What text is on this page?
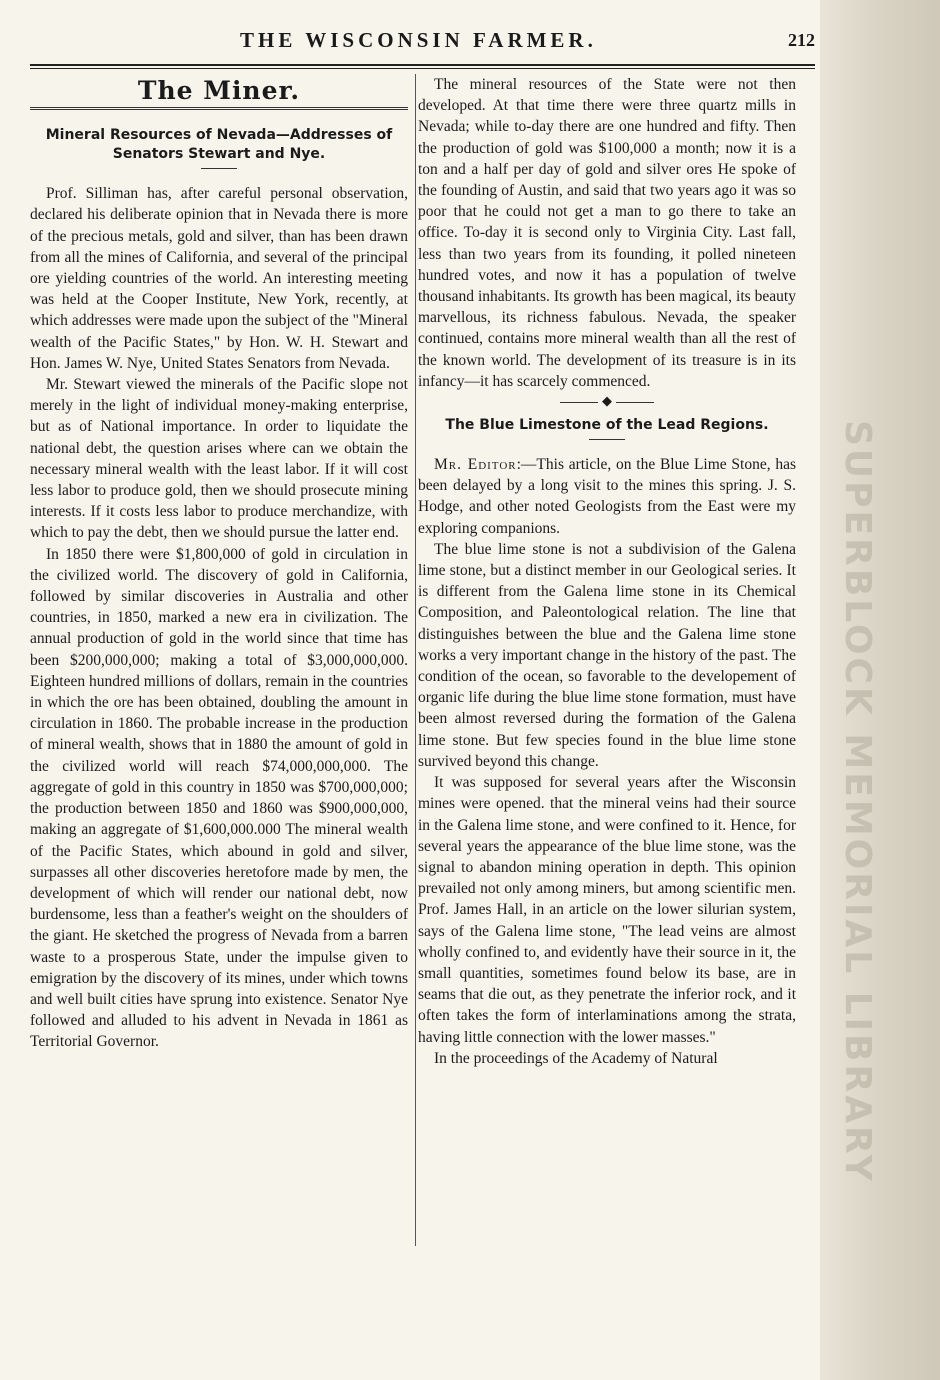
THE WISCONSIN FARMER.	212
The Miner.
Mineral Resources of Nevada—Addresses of Senators Stewart and Nye.

Prof. Silliman has, after careful personal observation, declared his deliberate opinion that in Nevada there is more of the precious metals, gold and silver, than has been drawn from all the mines of California, and several of the principal ore yielding countries of the world. An interesting meeting was held at the Cooper Institute, New York, recently, at which addresses were made upon the subject of the "Mineral wealth of the Pacific States," by Hon. W. H. Stewart and Hon. James W. Nye, United States Senators from Nevada.

Mr. Stewart viewed the minerals of the Pacific slope not merely in the light of individual money-making enterprise, but as of National importance. In order to liquidate the national debt, the question arises where can we obtain the necessary mineral wealth with the least labor. If it will cost less labor to produce gold, then we should prosecute mining interests. If it costs less labor to produce merchandize, with which to pay the debt, then we should pursue the latter end.

In 1850 there were $1,800,000 of gold in circulation in the civilized world. The discovery of gold in California, followed by similar discoveries in Australia and other countries, in 1850, marked a new era in civilization. The annual production of gold in the world since that time has been $200,000,000; making a total of $3,000,000,000. Eighteen hundred millions of dollars, remain in the countries in which the ore has been obtained, doubling the amount in circulation in 1860. The probable increase in the production of mineral wealth, shows that in 1880 the amount of gold in the civilized world will reach $74,000,000,000. The aggregate of gold in this country in 1850 was $700,000,000; the production between 1850 and 1860 was $900,000,000, making an aggregate of $1,600,000.000 The mineral wealth of the Pacific States, which abound in gold and silver, surpasses all other discoveries heretofore made by men, the development of which will render our national debt, now burdensome, less than a feather's weight on the shoulders of the giant. He sketched the progress of Nevada from a barren waste to a prosperous State, under the impulse given to emigration by the discovery of its mines, under which towns and well built cities have sprung into existence. Senator Nye followed and alluded to his advent in Nevada in 1861 as Territorial Governor.

The mineral resources of the State were not then developed. At that time there were three quartz mills in Nevada; while to-day there are one hundred and fifty. Then the production of gold was $100,000 a month; now it is a ton and a half per day of gold and silver ores He spoke of the founding of Austin, and said that two years ago it was so poor that he could not get a man to go there to take an office. To-day it is second only to Virginia City. Last fall, less than two years from its founding, it polled nineteen hundred votes, and now it has a population of twelve thousand inhabitants. Its growth has been magical, its beauty marvellous, its richness fabulous. Nevada, the speaker continued, contains more mineral wealth than all the rest of the known world. The development of its treasure is in its infancy—it has scarcely commenced.

◆
The Blue Limestone of the Lead Regions.

Mr. Editor:—This article, on the Blue Lime Stone, has been delayed by a long visit to the mines this spring. J. S. Hodge, and other noted Geologists from the East were my exploring companions.

The blue lime stone is not a subdivision of the Galena lime stone, but a distinct member in our Geological series. It is different from the Galena lime stone in its Chemical Composition, and Paleontological relation. The line that distinguishes between the blue and the Galena lime stone works a very important change in the history of the past. The condition of the ocean, so favorable to the developement of organic life during the blue lime stone formation, must have been almost reversed during the formation of the Galena lime stone. But few species found in the blue lime stone survived beyond this change.

It was supposed for several years after the Wisconsin mines were opened. that the mineral veins had their source in the Galena lime stone, and were confined to it. Hence, for several years the appearance of the blue lime stone, was the signal to abandon mining operation in depth. This opinion prevailed not only among miners, but among scientific men. Prof. James Hall, in an article on the lower silurian system, says of the Galena lime stone, "The lead veins are almost wholly confined to, and evidently have their source in it, the small quantities, sometimes found below its base, are in seams that die out, as they penetrate the inferior rock, and it often takes the form of interlaminations among the strata, having little connection with the lower masses."

In the proceedings of the Academy of Natural	SUPERBLOCK MEMORIAL LIBRARY
